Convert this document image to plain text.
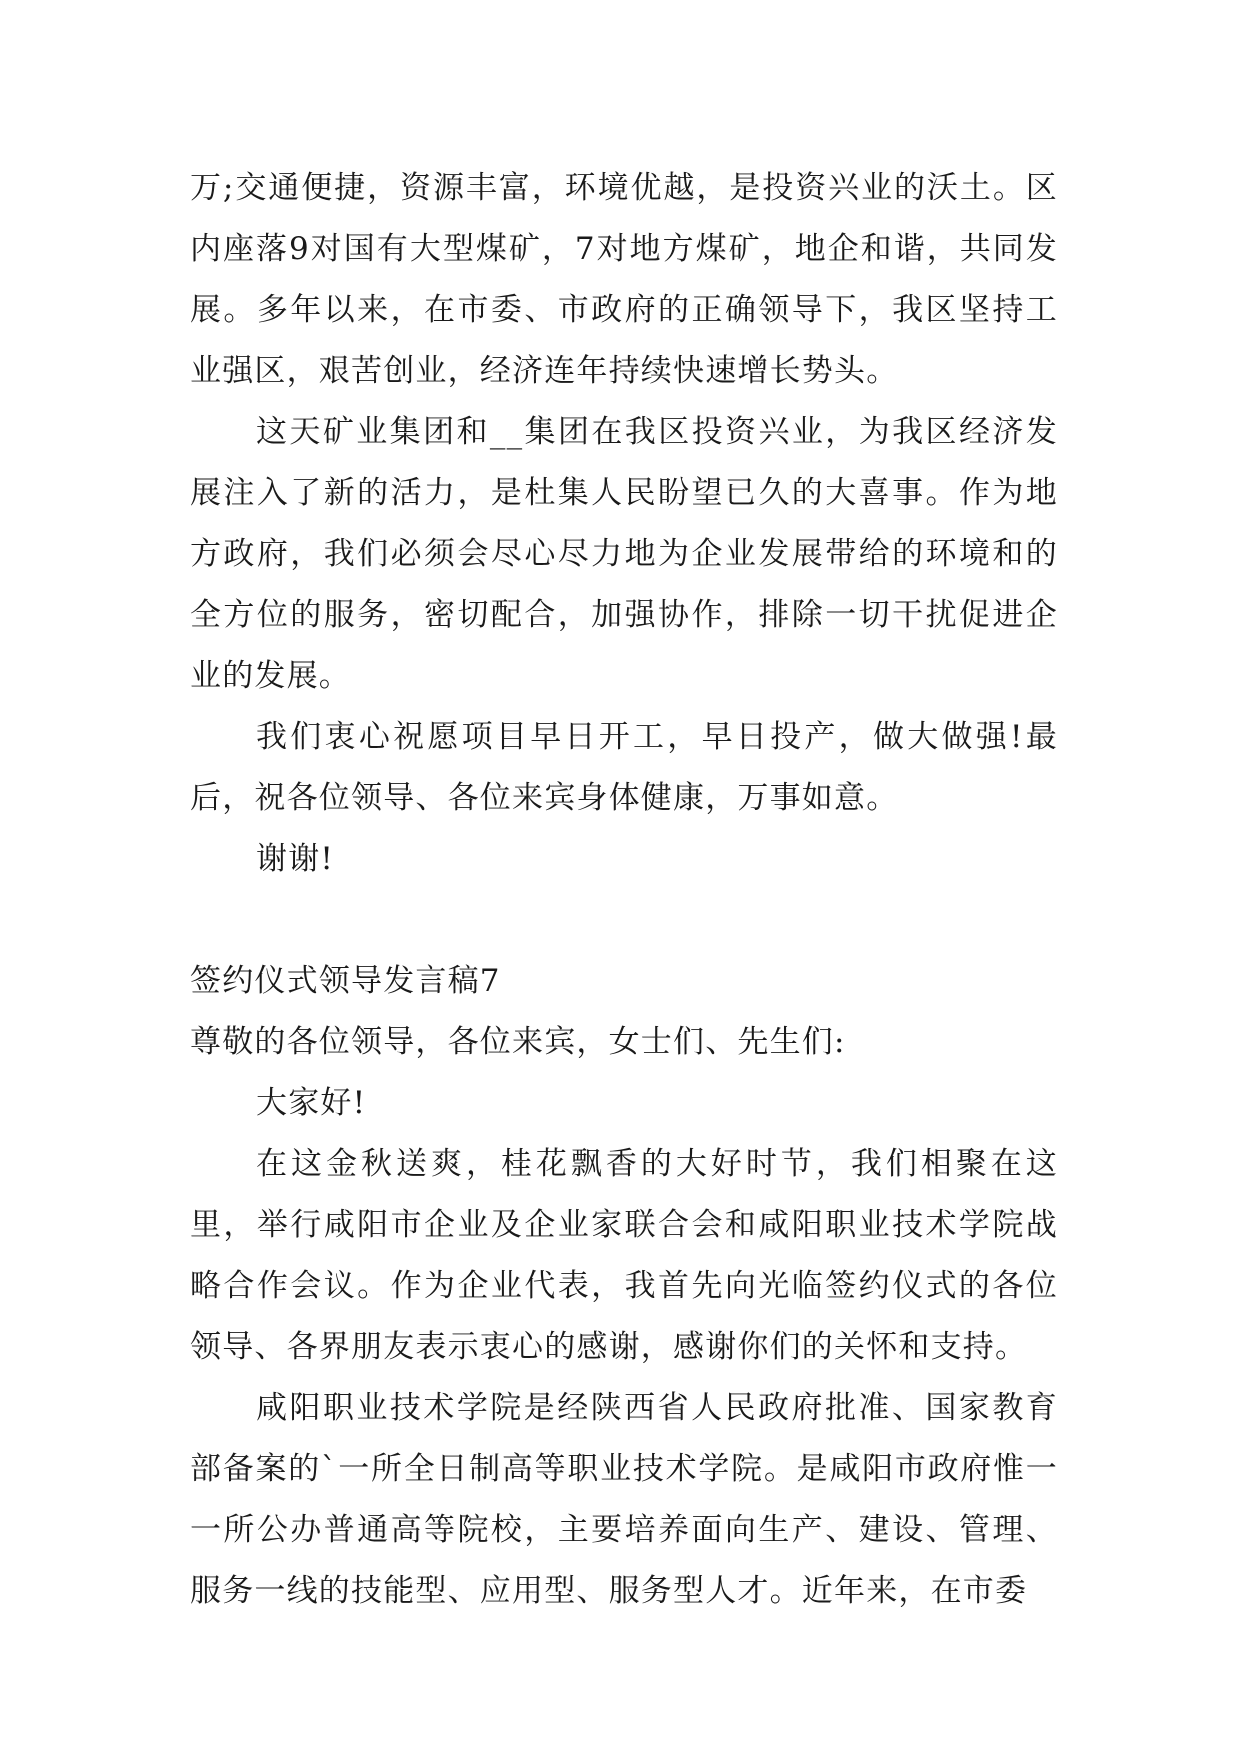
万;交通便捷，资源丰富，环境优越，是投资兴业的沃土。区内座落9对国有大型煤矿，7对地方煤矿，地企和谐，共同发展。多年以来，在市委、市政府的正确领导下，我区坚持工业强区，艰苦创业，经济连年持续快速增长势头。

这天矿业集团和__集团在我区投资兴业，为我区经济发展注入了新的活力，是杜集人民盼望已久的大喜事。作为地方政府，我们必须会尽心尽力地为企业发展带给的环境和的全方位的服务，密切配合，加强协作，排除一切干扰促进企业的发展。

我们衷心祝愿项目早日开工，早日投产，做大做强!最后，祝各位领导、各位来宾身体健康，万事如意。

谢谢!

签约仪式领导发言稿7

尊敬的各位领导，各位来宾，女士们、先生们:

大家好!

在这金秋送爽，桂花飘香的大好时节，我们相聚在这里，举行咸阳市企业及企业家联合会和咸阳职业技术学院战略合作会议。作为企业代表，我首先向光临签约仪式的各位领导、各界朋友表示衷心的感谢，感谢你们的关怀和支持。

咸阳职业技术学院是经陕西省人民政府批准、国家教育部备案的`一所全日制高等职业技术学院。是咸阳市政府惟一一所公办普通高等院校，主要培养面向生产、建设、管理、服务一线的技能型、应用型、服务型人才。近年来，在市委
